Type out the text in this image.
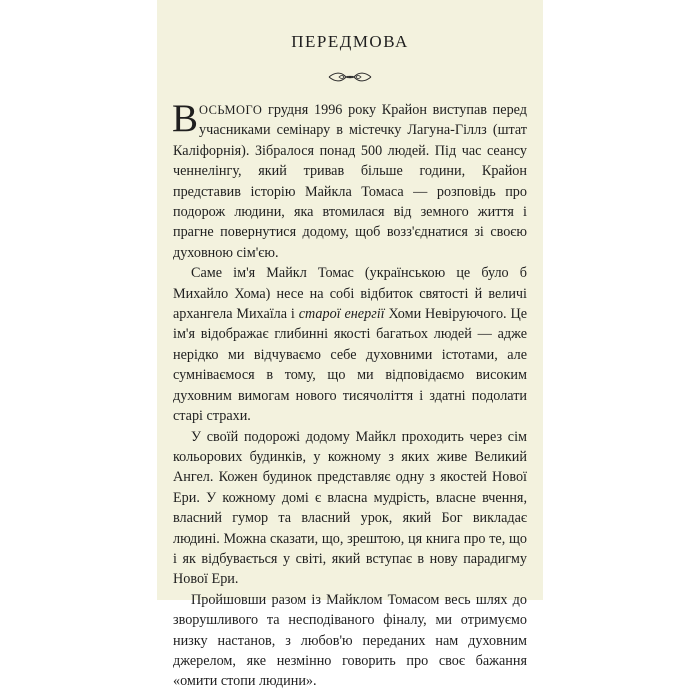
ПЕРЕДМОВА

ВОСЬМОГО грудня 1996 року Крайон виступав перед учасниками семінару в містечку Лагуна-Гіллз (штат Каліфорнія). Зібралося понад 500 людей. Під час сеансу ченнелінгу, який тривав більше години, Крайон представив історію Майкла Томаса — розповідь про подорож людини, яка втомилася від земного життя і прагне повернутися додому, щоб возз'єднатися зі своєю духовною сім'єю.

Саме ім'я Майкл Томас (українською це було б Михайло Хома) несе на собі відбиток святості й величі архангела Михаїла і старої енергії Хоми Невіруючого. Це ім'я відображає глибинні якості багатьох людей — адже нерідко ми відчуваємо себе духовними істотами, але сумніваємося в тому, що ми відповідаємо високим духовним вимогам нового тисячоліття і здатні подолати старі страхи.

У своїй подорожі додому Майкл проходить через сім кольорових будинків, у кожному з яких живе Великий Ангел. Кожен будинок представляє одну з якостей Нової Ери. У кожному домі є власна мудрість, власне вчення, власний гумор та власний урок, який Бог викладає людині. Можна сказати, що, зрештою, ця книга про те, що і як відбувається у світі, який вступає в нову парадигму Нової Ери.

Пройшовши разом із Майклом Томасом весь шлях до зворушливого та несподіваного фіналу, ми отримуємо низку настанов, з любов'ю переданих нам духовним джерелом, яке незмінно говорить про своє бажання «омити стопи людини».
